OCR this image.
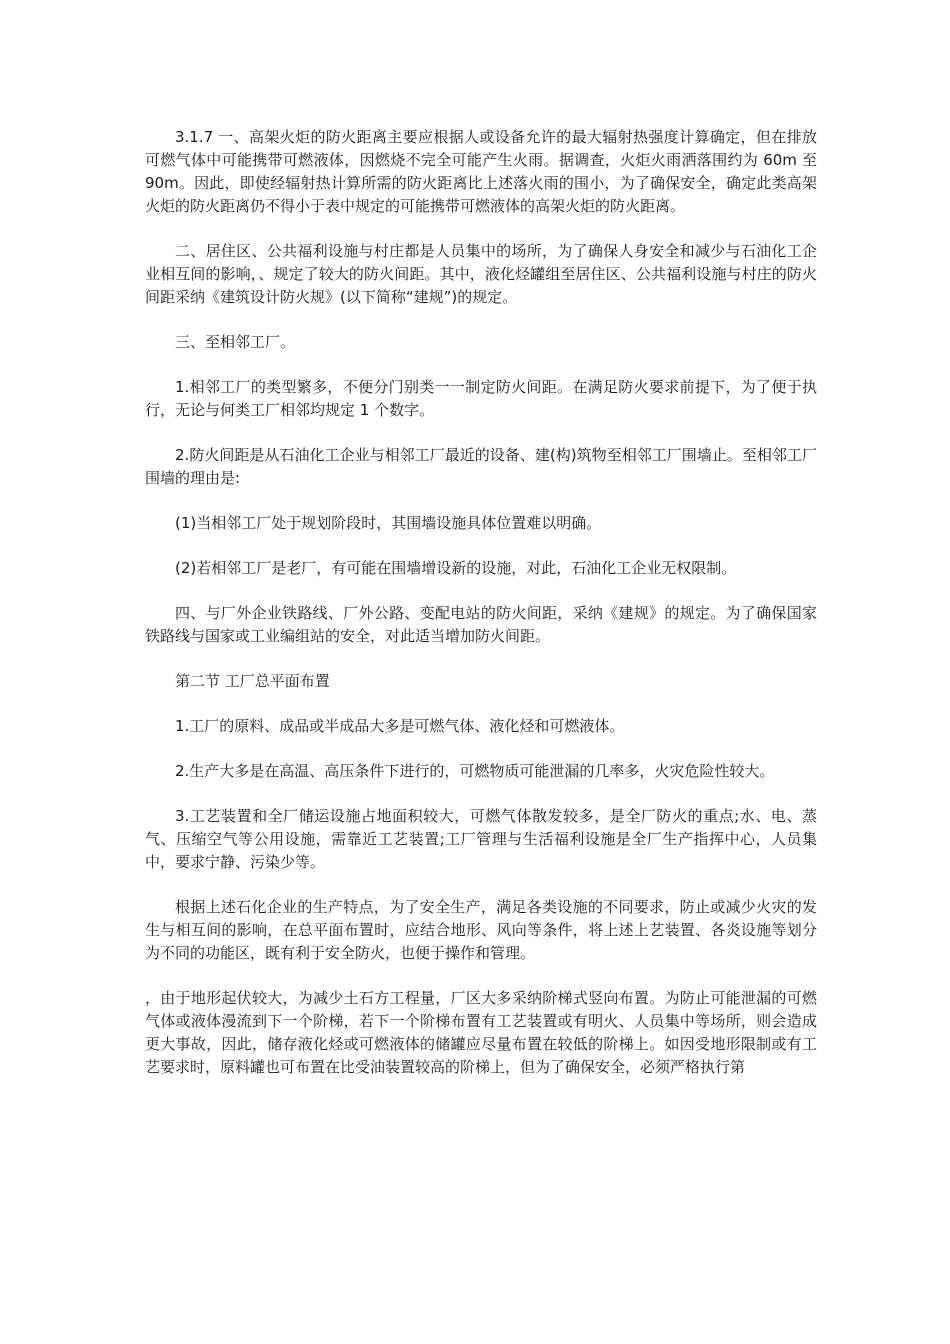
3.1.7 一、高架火炬的防火距离主要应根据人或设备允许的最大辐射热强度计算确定，但在排放可燃气体中可能携带可燃液体，因燃烧不完全可能产生火雨。据调查，火炬火雨洒落围约为 60m 至 90m。因此，即使经辐射热计算所需的防火距离比上述落火雨的围小，为了确保安全，确定此类高架火炬的防火距离仍不得小于表中规定的可能携带可燃液体的高架火炬的防火距离。

二、居住区、公共福利设施与村庄都是人员集中的场所，为了确保人身安全和减少与石油化工企业相互间的影响，、规定了较大的防火间距。其中，液化烃罐组至居住区、公共福利设施与村庄的防火间距采纳《建筑设计防火规》(以下简称“建规”)的规定。

三、至相邻工厂。

1.相邻工厂的类型繁多，不便分门别类一一制定防火间距。在满足防火要求前提下，为了便于执行，无论与何类工厂相邻均规定 1 个数字。

2.防火间距是从石油化工企业与相邻工厂最近的设备、建(构)筑物至相邻工厂围墙止。至相邻工厂围墙的理由是:

(1)当相邻工厂处于规划阶段时，其围墙设施具体位置难以明确。

(2)若相邻工厂是老厂，有可能在围墙增设新的设施，对此，石油化工企业无权限制。

四、与厂外企业铁路线、厂外公路、变配电站的防火间距，采纳《建规》的规定。为了确保国家铁路线与国家或工业编组站的安全，对此适当增加防火间距。

第二节 工厂总平面布置

1.工厂的原料、成品或半成品大多是可燃气体、液化烃和可燃液体。

2.生产大多是在高温、高压条件下进行的，可燃物质可能泄漏的几率多，火灾危险性较大。

3.工艺装置和全厂储运设施占地面积较大，可燃气体散发较多，是全厂防火的重点;水、电、蒸气、压缩空气等公用设施，需靠近工艺装置;工厂管理与生活福利设施是全厂生产指挥中心，人员集中，要求宁静、污染少等。

根据上述石化企业的生产特点，为了安全生产，满足各类设施的不同要求，防止或减少火灾的发生与相互间的影响，在总平面布置时，应结合地形、风向等条件，将上述上艺装置、各炎设施等划分为不同的功能区，既有利于安全防火，也便于操作和管理。

，由于地形起伏较大，为减少土石方工程量，厂区大多采纳阶梯式竖向布置。为防止可能泄漏的可燃气体或液体漫流到下一个阶梯，若下一个阶梯布置有工艺装置或有明火、人员集中等场所，则会造成更大事故，因此，储存液化烃或可燃液体的储罐应尽量布置在较低的阶梯上。如因受地形限制或有工艺要求时，原料罐也可布置在比受油装置较高的阶梯上，但为了确保安全，必须严格执行第
